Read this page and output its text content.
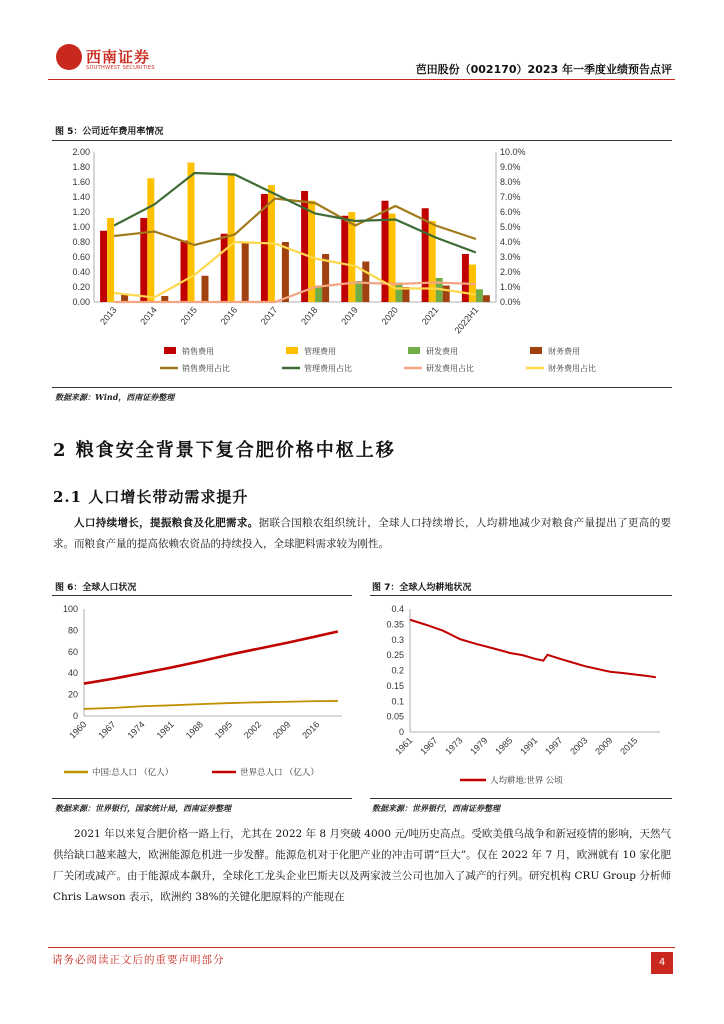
西南证券
SOUTHWEST SECURITIES	芭田股份（002170）2023 年一季度业绩预告点评
图 5：公司近年费用率情况
0.00
0.20
0.40
0.60
0.80
1.00
1.20
1.40
1.60
1.80
2.00
0.0%
1.0%
2.0%
3.0%
4.0%
5.0%
6.0%
7.0%
8.0%
9.0%
10.0%
2013 2014 2015 2016 2017 2018 2019 2020 2021 2022H1
销售费用	管理费用	研发费用	财务费用
销售费用占比	管理费用占比	研发费用占比	财务费用占比
数据来源：Wind，西南证券整理
2 粮食安全背景下复合肥价格中枢上移
2.1 人口增长带动需求提升
人口持续增长，提振粮食及化肥需求。据联合国粮农组织统计，全球人口持续增长，人均耕地减少对粮食产量提出了更高的要求。而粮食产量的提高依赖农资品的持续投入，全球肥料需求较为刚性。
图 6：全球人口状况
0
20
40
60
80
100
1960 1967 1974 1981 1988 1995 2002 2009 2016
中国:总人口 （亿人）	世界总人口 （亿人）
数据来源：世界银行，国家统计局，西南证券整理
图 7：全球人均耕地状况
0
0.05
0.1
0.15
0.2
0.25
0.3
0.35
0.4
1961 1967 1973 1979 1985 1991 1997 2003 2009 2015
人均耕地:世界 公顷
数据来源：世界银行，西南证券整理
2021 年以来复合肥价格一路上行，尤其在 2022 年 8 月突破 4000 元/吨历史高点。受欧美俄乌战争和新冠疫情的影响，天然气供给缺口越来越大，欧洲能源危机进一步发酵。能源危机对于化肥产业的冲击可谓“巨大”。仅在 2022 年 7 月，欧洲就有 10 家化肥厂关闭或减产。由于能源成本飙升，全球化工龙头企业巴斯夫以及两家波兰公司也加入了减产的行列。研究机构 CRU Group 分析师 Chris Lawson 表示，欧洲约 38%的关键化肥原料的产能现在
请务必阅读正文后的重要声明部分	4
